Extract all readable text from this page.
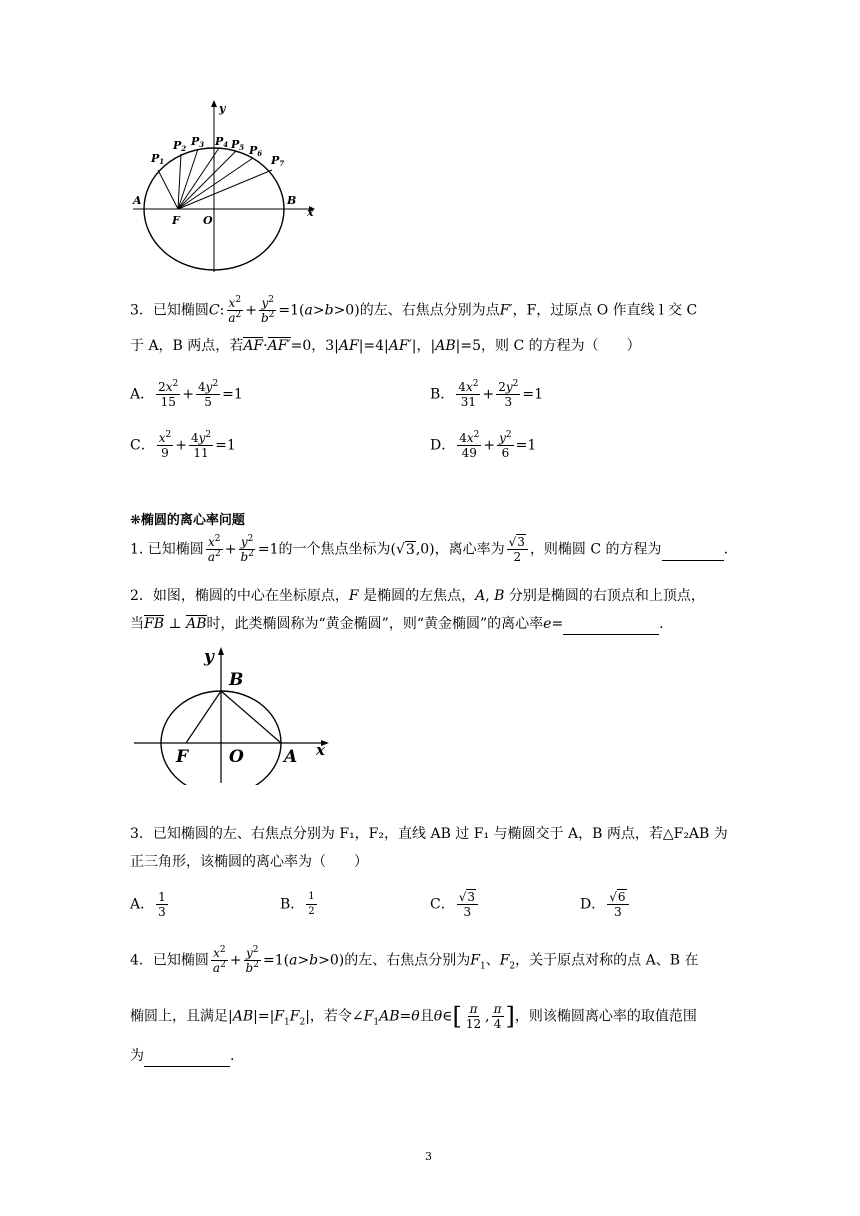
y
x
A	B
F O
P1
P2
P3 P4 P5 P6
P7
3．已知椭圆C: $\frac{x^2}{a^2} + \frac{y^2}{b^2} =1(a>b>0)$的左、右焦点分别为点F′，F，过原点 O 作直线 l 交 C
于 A，B 两点，若AF·AF′=0，3|AF|=4|AF′|，|AB|=5，则 C 的方程为（　　）
A． $\frac{2x^2}{15} + \frac{4y^2}{5} =1$	B． $\frac{4x^2}{31} + \frac{2y^2}{3} =1$
C． $\frac{x^2}{9} + \frac{4y^2}{11} =1$	D． $\frac{4x^2}{49} + \frac{y^2}{6} =1$
❋椭圆的离心率问题
1. 已知椭圆 $\frac{x^2}{a^2} + \frac{y^2}{b^2} =1$的一个焦点坐标为(√3,0)，离心率为 $\frac{√3}{2}$ ，则椭圆 C 的方程为	.
2．如图，椭圆的中心在坐标原点，F 是椭圆的左焦点，A, B 分别是椭圆的右顶点和上顶点，
当FB ⊥ AB时，此类椭圆称为“黄金椭圆”，则“黄金椭圆”的离心率e=	.
y
x
B
F O A
3．已知椭圆的左、右焦点分别为 F₁，F₂，直线 AB 过 F₁ 与椭圆交于 A，B 两点，若△F₂AB 为
正三角形，该椭圆的离心率为（　　）
A． $\frac{1}{3}$	B． $\frac{1}{2}$	C． $\frac{√3}{3}$	D． $\frac{√6}{3}$
4．已知椭圆 $\frac{x^2}{a^2} + \frac{y^2}{b^2} =1(a>b>0)$的左、右焦点分别为$F_1$、$F_2$，关于原点对称的点 A、B 在
椭圆上，且满足$|AB|=|F_1F_2|$，若令$\angle F_1AB=\theta$且θ∈[ $\frac{\pi}{12}$ , $\frac{\pi}{4}$ ]，则该椭圆离心率的取值范围
为	.
3
